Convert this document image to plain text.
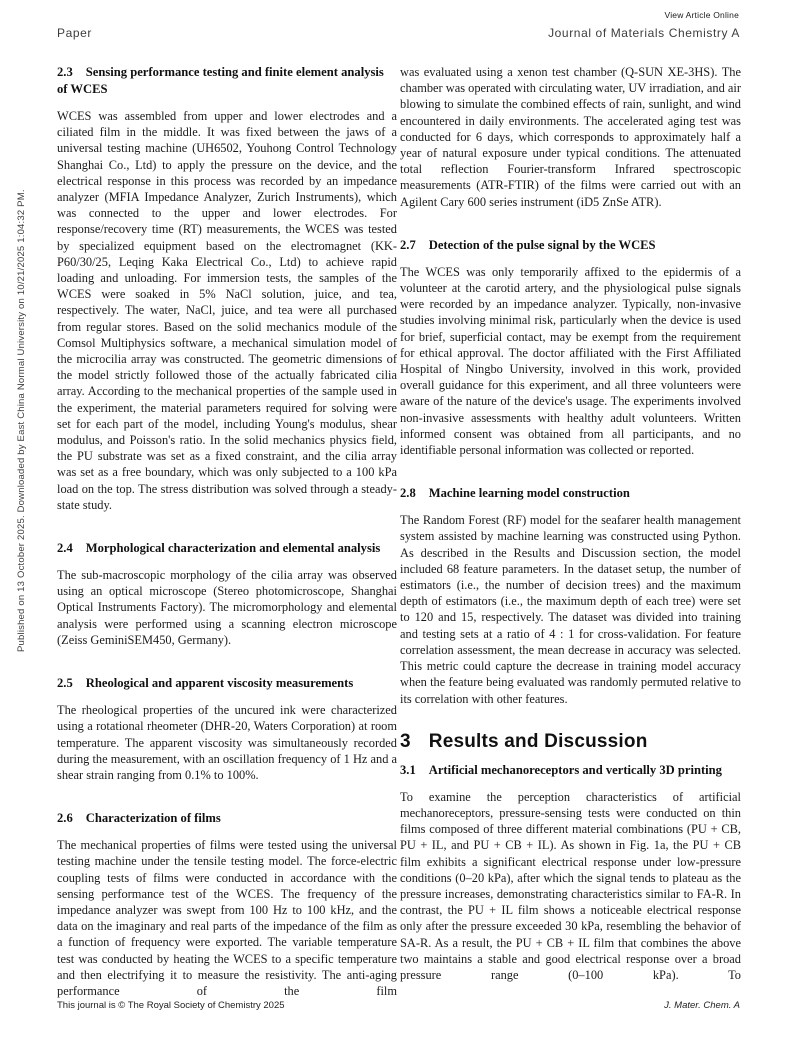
Published on 13 October 2025. Downloaded by East China Normal University on 10/21/2025 1:04:32 PM.
View Article Online
Paper	Journal of Materials Chemistry A
2.3 Sensing performance testing and finite element analysis of WCES

WCES was assembled from upper and lower electrodes and a ciliated film in the middle. It was fixed between the jaws of a universal testing machine (UH6502, Youhong Control Technology Shanghai Co., Ltd) to apply the pressure on the device, and the electrical response in this process was recorded by an impedance analyzer (MFIA Impedance Analyzer, Zurich Instruments), which was connected to the upper and lower electrodes. For response/recovery time (RT) measurements, the WCES was tested by specialized equipment based on the electromagnet (KK-P60/30/25, Leqing Kaka Electrical Co., Ltd) to achieve rapid loading and unloading. For immersion tests, the samples of the WCES were soaked in 5% NaCl solution, juice, and tea, respectively. The water, NaCl, juice, and tea were all purchased from regular stores. Based on the solid mechanics module of the Comsol Multiphysics software, a mechanical simulation model of the microcilia array was constructed. The geometric dimensions of the model strictly followed those of the actually fabricated cilia array. According to the mechanical properties of the sample used in the experiment, the material parameters required for solving were set for each part of the model, including Young's modulus, shear modulus, and Poisson's ratio. In the solid mechanics physics field, the PU substrate was set as a fixed constraint, and the cilia array was set as a free boundary, which was only subjected to a 100 kPa load on the top. The stress distribution was solved through a steady-state study.

2.4 Morphological characterization and elemental analysis

The sub-macroscopic morphology of the cilia array was observed using an optical microscope (Stereo photomicroscope, Shanghai Optical Instruments Factory). The micromorphology and elemental analysis were performed using a scanning electron microscope (Zeiss GeminiSEM450, Germany).

2.5 Rheological and apparent viscosity measurements

The rheological properties of the uncured ink were characterized using a rotational rheometer (DHR-20, Waters Corporation) at room temperature. The apparent viscosity was simultaneously recorded during the measurement, with an oscillation frequency of 1 Hz and a shear strain ranging from 0.1% to 100%.

2.6 Characterization of films

The mechanical properties of films were tested using the universal testing machine under the tensile testing model. The force-electric coupling tests of films were conducted in accordance with the sensing performance test of the WCES. The frequency of the impedance analyzer was swept from 100 Hz to 100 kHz, and the data on the imaginary and real parts of the impedance of the film as a function of frequency were exported. The variable temperature test was conducted by heating the WCES to a specific temperature and then electrifying it to measure the resistivity. The anti-aging performance of the film

was evaluated using a xenon test chamber (Q-SUN XE-3HS). The chamber was operated with circulating water, UV irradiation, and air blowing to simulate the combined effects of rain, sunlight, and wind encountered in daily environments. The accelerated aging test was conducted for 6 days, which corresponds to approximately half a year of natural exposure under typical conditions. The attenuated total reflection Fourier-transform Infrared spectroscopic measurements (ATR-FTIR) of the films were carried out with an Agilent Cary 600 series instrument (iD5 ZnSe ATR).

2.7 Detection of the pulse signal by the WCES

The WCES was only temporarily affixed to the epidermis of a volunteer at the carotid artery, and the physiological pulse signals were recorded by an impedance analyzer. Typically, non-invasive studies involving minimal risk, particularly when the device is used for brief, superficial contact, may be exempt from the requirement for ethical approval. The doctor affiliated with the First Affiliated Hospital of Ningbo University, involved in this work, provided overall guidance for this experiment, and all three volunteers were aware of the nature of the device's usage. The experiments involved non-invasive assessments with healthy adult volunteers. Written informed consent was obtained from all participants, and no identifiable personal information was collected or reported.

2.8 Machine learning model construction

The Random Forest (RF) model for the seafarer health management system assisted by machine learning was constructed using Python. As described in the Results and Discussion section, the model included 68 feature parameters. In the dataset setup, the number of estimators (i.e., the number of decision trees) and the maximum depth of estimators (i.e., the maximum depth of each tree) were set to 120 and 15, respectively. The dataset was divided into training and testing sets at a ratio of 4 : 1 for cross-validation. For feature correlation assessment, the mean decrease in accuracy was selected. This metric could capture the decrease in training model accuracy when the feature being evaluated was randomly permuted relative to its correlation with other features.

3 Results and Discussion
3.1 Artificial mechanoreceptors and vertically 3D printing

To examine the perception characteristics of artificial mechanoreceptors, pressure-sensing tests were conducted on thin films composed of three different material combinations (PU + CB, PU + IL, and PU + CB + IL). As shown in Fig. 1a, the PU + CB film exhibits a significant electrical response under low-pressure conditions (0–20 kPa), after which the signal tends to plateau as the pressure increases, demonstrating characteristics similar to FA-R. In contrast, the PU + IL film shows a noticeable electrical response only after the pressure exceeded 30 kPa, resembling the behavior of SA-R. As a result, the PU + CB + IL film that combines the above two maintains a stable and good electrical response over a broad pressure range (0–100 kPa). To

This journal is © The Royal Society of Chemistry 2025	J. Mater. Chem. A
